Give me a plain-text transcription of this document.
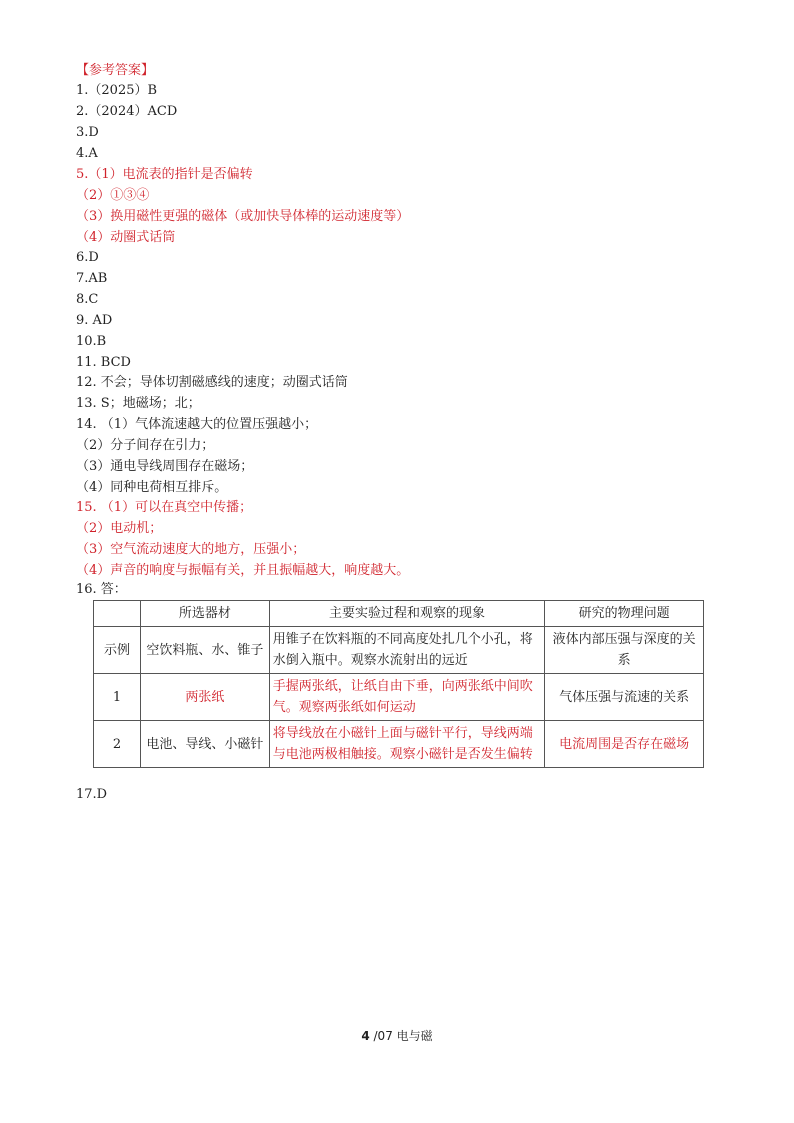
【参考答案】
1.（2025）B
2.（2024）ACD
3.D
4.A
5.（1）电流表的指针是否偏转
（2）①③④
（3）换用磁性更强的磁体（或加快导体棒的运动速度等）
（4）动圈式话筒
6.D
7.AB
8.C
9. AD
10.B
11. BCD
12. 不会；导体切割磁感线的速度；动圈式话筒
13. S；地磁场；北；
14. （1）气体流速越大的位置压强越小；
（2）分子间存在引力；
（3）通电导线周围存在磁场；
（4）同种电荷相互排斥。
15. （1）可以在真空中传播；
（2）电动机；
（3）空气流动速度大的地方，压强小；
（4）声音的响度与振幅有关，并且振幅越大，响度越大。
16. 答：
	所选器材	主要实验过程和观察的现象	研究的物理问题
示例	空饮料瓶、水、锥子	用锥子在饮料瓶的不同高度处扎几个小孔，将水倒入瓶中。观察水流射出的远近	液体内部压强与深度的关系
1	两张纸	手握两张纸，让纸自由下垂，向两张纸中间吹气。观察两张纸如何运动	气体压强与流速的关系
2	电池、导线、小磁针	将导线放在小磁针上面与磁针平行，导线两端与电池两极相触接。观察小磁针是否发生偏转	电流周围是否存在磁场
17.D
4 /07 电与磁
